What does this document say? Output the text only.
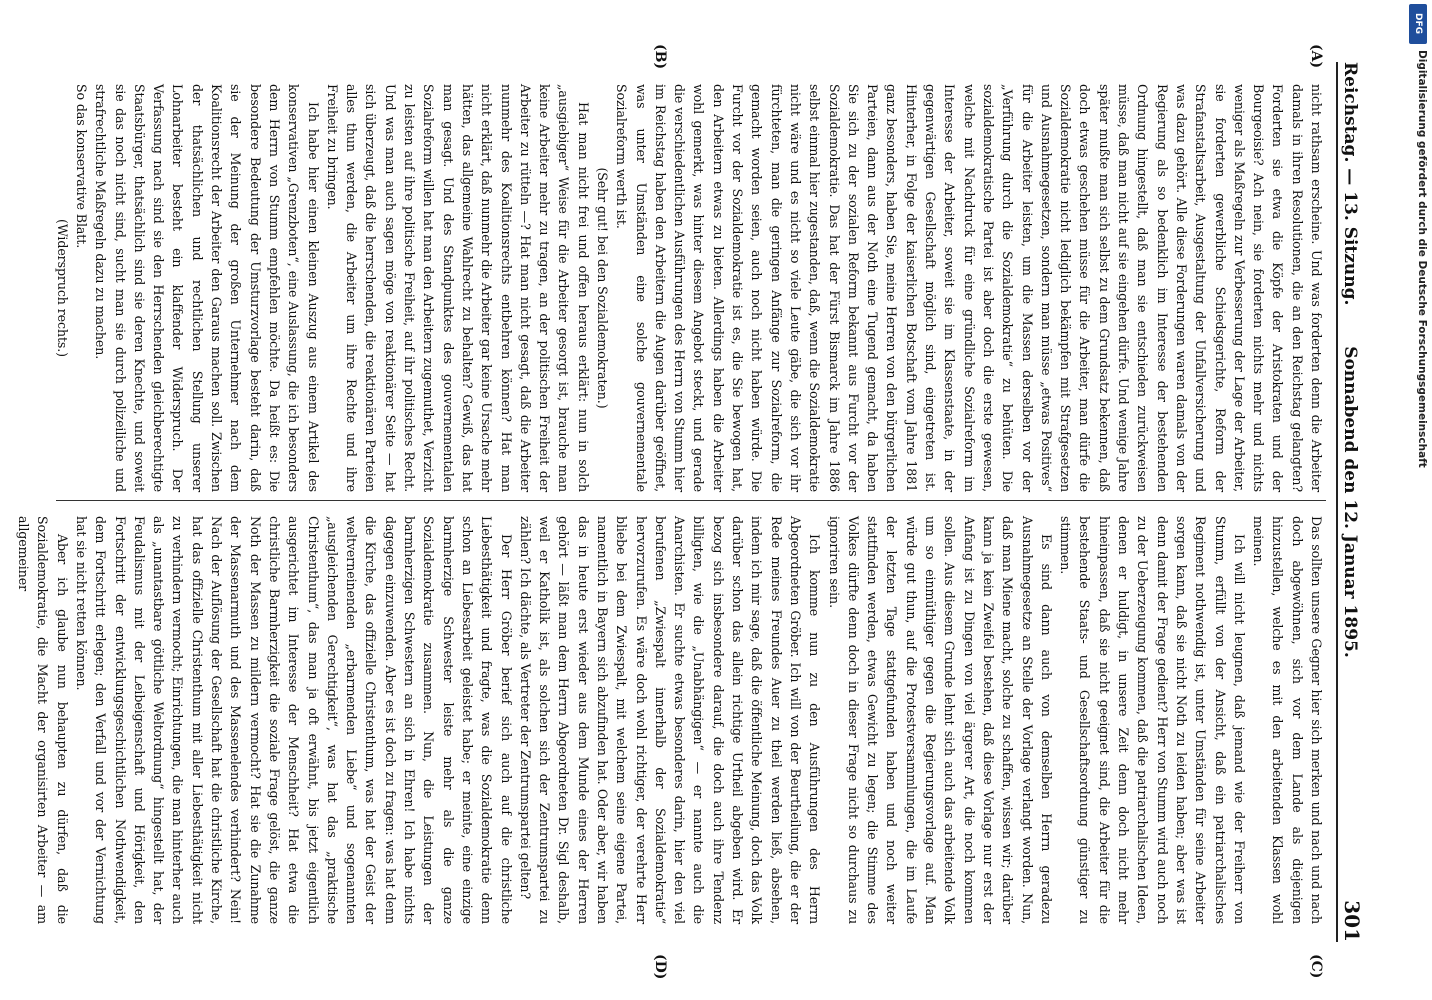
Reichstag. — 13. Sitzung.
Sonnabend den 12. Januar 1895.
301
(A)
(B)
(C)
(D)

nicht rathsam erscheine. Und was forderten denn die Arbeiter damals in ihren Resolutionen, die an den Reichstag gelangten? Forderten sie etwa die Köpfe der Aristokraten und der Bourgeoisie? Ach nein, sie forderten nichts mehr und nichts weniger als Maßregeln zur Verbesserung der Lage der Arbeiter, sie forderten gewerbliche Schiedsgerichte, Reform der Strafanstaltsarbeit, Ausgestaltung der Unfallversicherung und was dazu gehört. Alle diese Forderungen waren damals von der Regierung als so bedenklich im Interesse der bestehenden Ordnung hingestellt, daß man sie entschieden zurückweisen müsse, daß man nicht auf sie eingehen dürfe. Und wenige Jahre später mußte man sich selbst zu dem Grundsatz bekennen, daß doch etwas geschehen müsse für die Arbeiter, man dürfe die Sozialdemokratie nicht lediglich bekämpfen mit Strafgesetzen und Ausnahmegesetzen, sondern man müsse „etwas Positives“ für die Arbeiter leisten, um die Massen derselben vor der „Verführung durch die Sozialdemokratie“ zu behüten. Die sozialdemokratische Partei ist aber doch die erste gewesen, welche mit Nachdruck für eine gründliche Sozialreform im Interesse der Arbeiter, soweit sie im Klassenstaate, in der gegenwärtigen Gesellschaft möglich sind, eingetreten ist. Hinterher, in Folge der kaiserlichen Botschaft vom Jahre 1881 ganz besonders, haben Sie, meine Herren von den bürgerlichen Parteien, dann aus der Noth eine Tugend gemacht, da haben Sie sich zu der sozialen Reform bekannt aus Furcht vor der Sozialdemokratie. Das hat der Fürst Bismarck im Jahre 1886 selbst einmal hier zugestanden, daß, wenn die Sozialdemokratie nicht wäre und es nicht so viele Leute gäbe, die sich vor ihr fürchteten, man die geringen Anfänge zur Sozialreform, die gemacht worden seien, auch noch nicht haben würde. Die Furcht vor der Sozialdemokratie ist es, die Sie bewogen hat, den Arbeitern etwas zu bieten. Allerdings haben die Arbeiter wohl gemerkt, was hinter diesem Angebot steckt, und gerade die verschiedentlichen Ausführungen des Herrn von Stumm hier im Reichstag haben den Arbeitern die Augen darüber geöffnet, was unter Umständen eine solche gouvernementale Sozialreform werth ist.

(Sehr gut! bei den Sozialdemokraten.)

Hat man nicht frei und offen heraus erklärt: nun in solch „ausgiebiger“ Weise für die Arbeiter gesorgt ist, brauche man keine Arbeiter mehr zu tragen, an der politischen Freiheit der Arbeiter zu rütteln —? Hat man nicht gesagt, daß die Arbeiter nunmehr des Koalitionsrechts entbehren können? Hat man nicht erklärt, daß nunmehr die Arbeiter gar keine Ursache mehr hätten, das allgemeine Wahlrecht zu behalten? Gewiß, das hat man gesagt. Und des Standpunktes des gouvernementalen Sozialreform willen hat man den Arbeitern zugemuthet, Verzicht zu leisten auf ihre politische Freiheit, auf ihr politisches Recht. Und was man auch sagen möge von reaktionärer Seite — hat sich überzeugt, daß die herrschenden, die reaktionären Parteien alles thun werden, die Arbeiter um ihre Rechte und ihre Freiheit zu bringen.

Ich habe hier einen kleinen Auszug aus einem Artikel des konservativen „Grenzboten“, eine Auslassung, die ich besonders dem Herrn von Stumm empfehlen möchte. Da heißt es: Die besondere Bedeutung der Umsturzvorlage besteht darin, daß sie der Meinung der großen Unternehmer nach dem Koalitionsrecht der Arbeiter den Garaus machen soll. Zwischen der thatsächlichen und rechtlichen Stellung unserer Lohnarbeiter besteht ein klaffender Widerspruch. Der Verfassung nach sind sie den Herrschenden gleichberechtigte Staatsbürger, thatsächlich sind sie deren Knechte, und soweit sie das noch nicht sind, sucht man sie durch polizeiliche und strafrechtliche Maßregeln dazu zu machen.

So das konservative Blatt.

(Widerspruch rechts.)

Das sollten unsere Gegner hier sich merken und nach und nach doch abgewöhnen, sich vor dem Lande als diejenigen hinzustellen, welche es mit den arbeitenden Klassen wohl meinen.

Ich will nicht leugnen, daß jemand wie der Freiherr von Stumm, erfüllt von der Ansicht, daß ein patriarchalisches Regiment nothwendig ist, unter Umständen für seine Arbeiter sorgen kann, daß sie nicht Noth zu leiden haben; aber was ist denn damit der Frage gedient? Herr von Stumm wird auch noch zu der Ueberzeugung kommen, daß die patriarchalischen Ideen, denen er huldigt, in unsere Zeit denn doch nicht mehr hineinpassen, daß sie nicht geeignet sind, die Arbeiter für die bestehende Staats- und Gesellschaftsordnung günstiger zu stimmen.

Es sind dann auch von demselben Herrn geradezu Ausnahmegesetze an Stelle der Vorlage verlangt worden. Nun, daß man Miene macht, solche zu schaffen, wissen wir; darüber kann ja kein Zweifel bestehen, daß diese Vorlage nur erst der Anfang ist zu Dingen von viel ärgerer Art, die noch kommen sollen. Aus diesem Grunde lehnt sich auch das arbeitende Volk um so einmüthiger gegen die Regierungsvorlage auf. Man würde gut thun, auf die Protestversammlungen, die im Laufe der letzten Tage stattgefunden haben und noch weiter stattfinden werden, etwas Gewicht zu legen; die Stimme des Volkes dürfte denn doch in dieser Frage nicht so durchaus zu ignoriren sein.

Ich komme nun zu den Ausführungen des Herrn Abgeordneten Gröber. Ich will von der Beurtheilung, die er der Rede meines Freundes Auer zu theil werden ließ, absehen, indem ich mir sage, daß die öffentliche Meinung, doch das Volk darüber schon das allein richtige Urtheil abgeben wird. Er bezog sich insbesondere darauf, die doch auch ihre Tendenz billigten, wie die „Unabhängigen“ — er nannte auch die Anarchisten. Er suchte etwas besonderes darin, hier den viel berufenen „Zwiespalt innerhalb der Sozialdemokratie“ hervorzurufen. Es wäre doch wohl richtiger, der verehrte Herr bliebe bei dem Zwiespalt, mit welchem seine eigene Partei, namentlich in Bayern sich abzufinden hat. Oder aber, wir haben das in heute erst wieder aus dem Munde eines der Herren gehört — läßt man dem Herrn Abgeordneten Dr. Sigl deshalb, weil er Katholik ist, als solchen sich der Zentrumspartei zu zählen? Ich dächte, als Vertreter der Zentrumspartei gelten?

Der Herr Gröber berief sich auch auf die christliche Liebesthätigkeit und fragte, was die Sozialdemokratie denn schon an Liebesarbeit geleistet habe; er meinte, eine einzige barmherzige Schwester leiste mehr als die ganze Sozialdemokratie zusammen. Nun, die Leistungen der barmherzigen Schwestern an sich in Ehren! Ich habe nichts dagegen einzuwenden. Aber es ist doch zu fragen: was hat denn die Kirche, das offizielle Christenthum, was hat der Geist der weltverneinenden „erbarmenden Liebe“ und sogenannten „ausgleichenden Gerechtigkeit“, was hat das „praktische Christenthum“, das man ja oft erwähnt, bis jetzt eigentlich ausgerichtet im Interesse der Menschheit? Hat etwa die christliche Barmherzigkeit die soziale Frage gelöst, die ganze Noth der Massen zu mildern vermocht? Hat sie die Zunahme der Massenarmuth und des Massenelendes verhindert? Nein! Nach der Auflösung der Gesellschaft hat die christliche Kirche, hat das offizielle Christenthum mit aller Liebesthätigkeit nicht zu verhindern vermocht; Einrichtungen, die man hinterher auch als „unantastbare göttliche Weltordnung“ hingestellt hat, der Feudalismus mit der Leibeigenschaft und Hörigkeit, den Fortschritt der entwicklungsgeschichtlichen Nothwendigkeit, dem Fortschritt erlegen; den Verfall und vor der Vernichtung hat sie nicht retten können.

Aber ich glaube nun behaupten zu dürfen, daß die Sozialdemokratie, die Macht der organisirten Arbeiter — am allgemeiner

DFG
Digitalisierung gefördert durch die Deutsche Forschungsgemeinschaft
